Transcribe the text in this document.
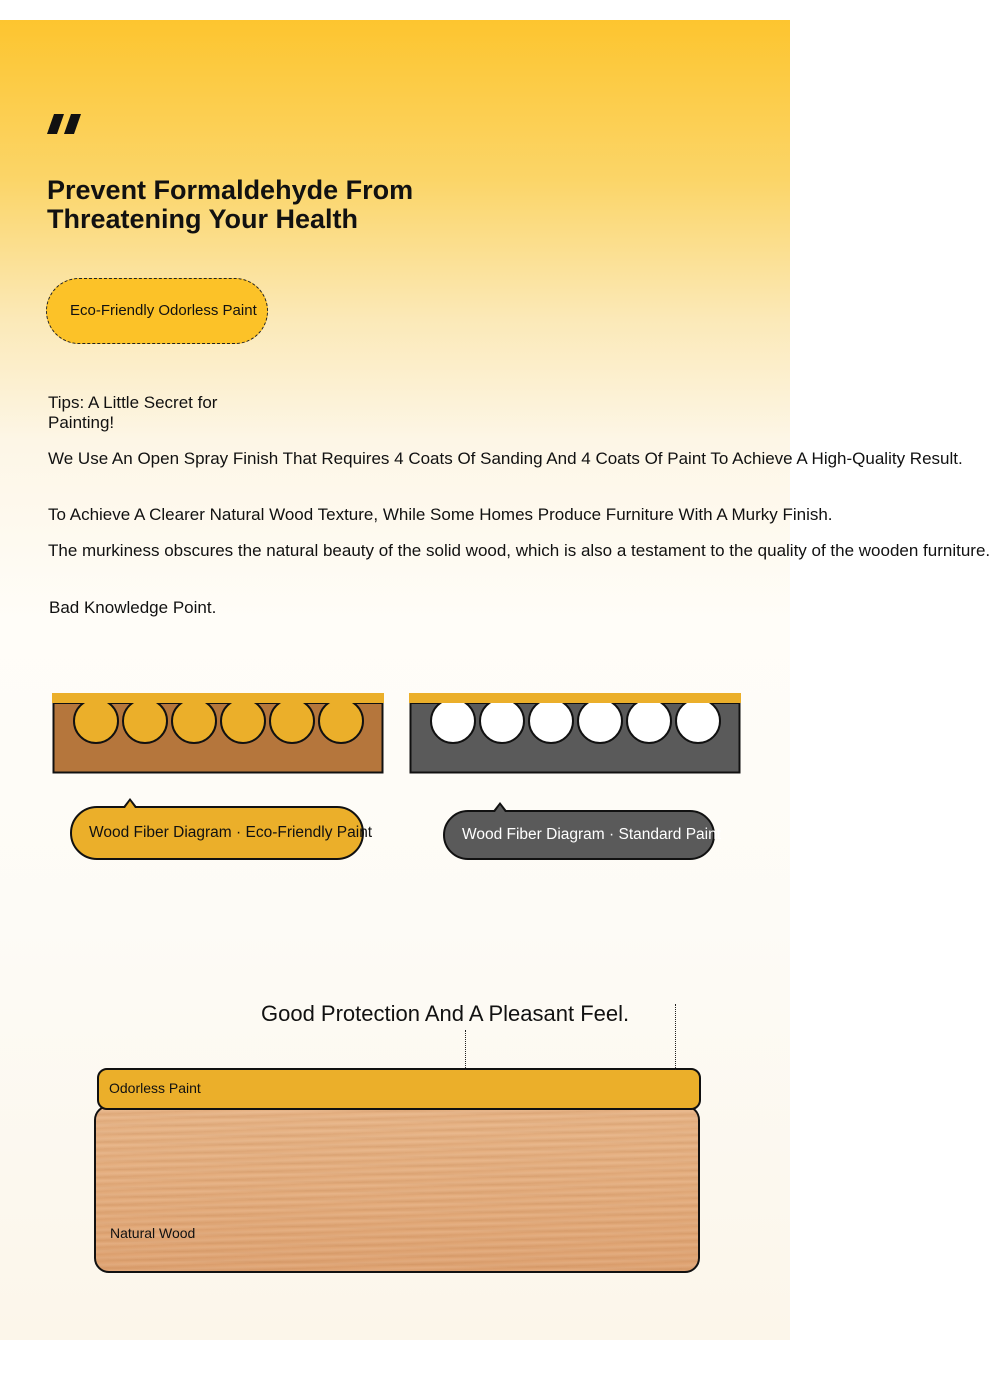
Prevent Formaldehyde From Threatening Your Health
Eco-Friendly Odorless Paint

Tips: A Little Secret for Painting!

We Use An Open Spray Finish That Requires 4 Coats Of Sanding And 4 Coats Of Paint To Achieve A High-Quality Result.

To Achieve A Clearer Natural Wood Texture, While Some Homes Produce Furniture With A Murky Finish.

The murkiness obscures the natural beauty of the solid wood, which is also a testament to the quality of the wooden furniture.

Bad Knowledge Point.

Wood Fiber Diagram · Eco-Friendly Paint	Wood Fiber Diagram · Standard Paint

Good Protection And A Pleasant Feel.

Natural Wood
Odorless Paint
